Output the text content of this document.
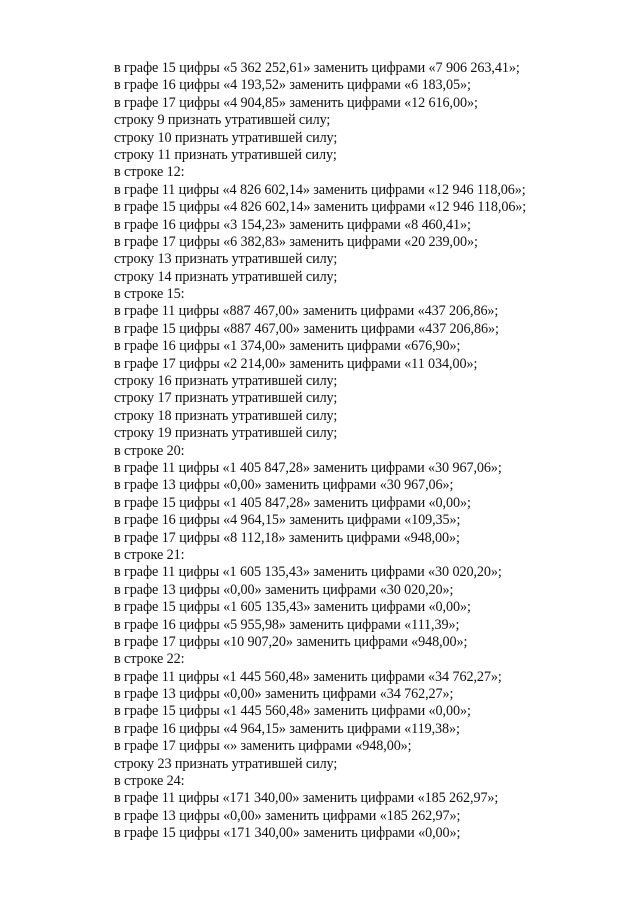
в графе 15 цифры «5 362 252,61» заменить цифрами «7 906 263,41»;
в графе 16 цифры «4 193,52» заменить цифрами «6 183,05»;
в графе 17 цифры «4 904,85» заменить цифрами «12 616,00»;
строку 9 признать утратившей силу;
строку 10 признать утратившей силу;
строку 11 признать утратившей силу;
в строке 12:
в графе 11 цифры «4 826 602,14» заменить цифрами «12 946 118,06»;
в графе 15 цифры «4 826 602,14» заменить цифрами «12 946 118,06»;
в графе 16 цифры «3 154,23» заменить цифрами «8 460,41»;
в графе 17 цифры «6 382,83» заменить цифрами «20 239,00»;
строку 13 признать утратившей силу;
строку 14 признать утратившей силу;
в строке 15:
в графе 11 цифры «887 467,00» заменить цифрами «437 206,86»;
в графе 15 цифры «887 467,00» заменить цифрами «437 206,86»;
в графе 16 цифры «1 374,00» заменить цифрами «676,90»;
в графе 17 цифры «2 214,00» заменить цифрами «11 034,00»;
строку 16 признать утратившей силу;
строку 17 признать утратившей силу;
строку 18 признать утратившей силу;
строку 19 признать утратившей силу;
в строке 20:
в графе 11 цифры «1 405 847,28» заменить цифрами «30 967,06»;
в графе 13 цифры «0,00» заменить цифрами «30 967,06»;
в графе 15 цифры «1 405 847,28» заменить цифрами «0,00»;
в графе 16 цифры «4 964,15» заменить цифрами «109,35»;
в графе 17 цифры «8 112,18» заменить цифрами «948,00»;
в строке 21:
в графе 11 цифры «1 605 135,43» заменить цифрами «30 020,20»;
в графе 13 цифры «0,00» заменить цифрами «30 020,20»;
в графе 15 цифры «1 605 135,43» заменить цифрами «0,00»;
в графе 16 цифры «5 955,98» заменить цифрами «111,39»;
в графе 17 цифры «10 907,20» заменить цифрами «948,00»;
в строке 22:
в графе 11 цифры «1 445 560,48» заменить цифрами «34 762,27»;
в графе 13 цифры «0,00» заменить цифрами «34 762,27»;
в графе 15 цифры «1 445 560,48» заменить цифрами «0,00»;
в графе 16 цифры «4 964,15» заменить цифрами «119,38»;
в графе 17 цифры «» заменить цифрами «948,00»;
строку 23 признать утратившей силу;
в строке 24:
в графе 11 цифры «171 340,00» заменить цифрами «185 262,97»;
в графе 13 цифры «0,00» заменить цифрами «185 262,97»;
в графе 15 цифры «171 340,00» заменить цифрами «0,00»;
